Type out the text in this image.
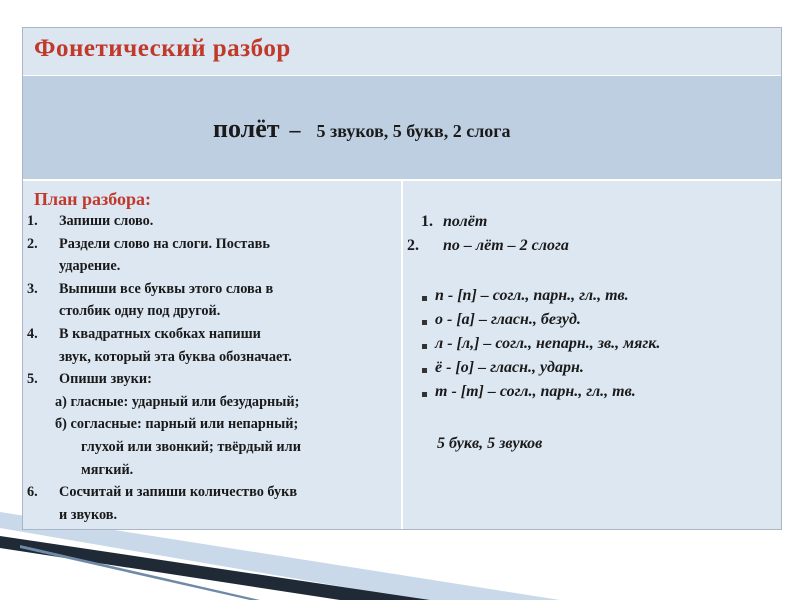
Фонетический разбор
полёт – 5 звуков, 5 букв, 2 слога
План разбора:
1. Запиши слово.
2. Раздели слово на слоги. Поставь
ударение.
3. Выпиши все буквы этого слова в
столбик одну под другой.
4. В квадратных скобках напиши
звук, который эта буква обозначает.
5. Опиши звуки:
а) гласные: ударный или безударный;
б) согласные: парный или непарный;
глухой или звонкий; твёрдый или
мягкий.
6. Сосчитай и запиши количество букв
и звуков.
1. полёт
2. по – лёт – 2 слога
п - [п] – согл., парн., гл., тв.
о - [а] – гласн., безуд.
л - [л,] – согл., непарн., зв., мягк.
ё - [о] – гласн., ударн.
т - [т] – согл., парн., гл., тв.
5 букв, 5 звуков
